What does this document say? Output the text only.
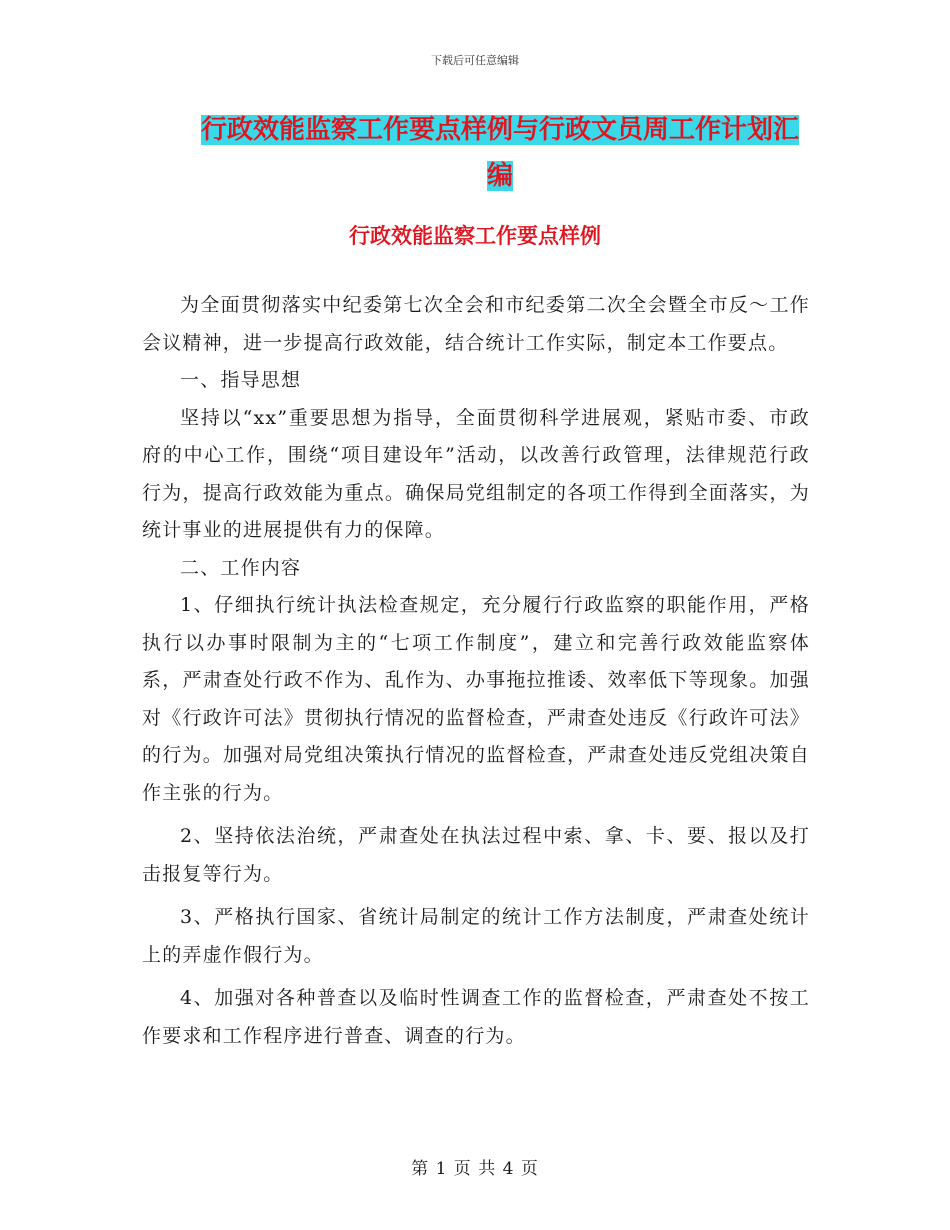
下载后可任意编辑
行政效能监察工作要点样例与行政文员周工作计划汇编
行政效能监察工作要点样例

为全面贯彻落实中纪委第七次全会和市纪委第二次全会暨全市反～工作会议精神，进一步提高行政效能，结合统计工作实际，制定本工作要点。

一、指导思想

坚持以“xx”重要思想为指导，全面贯彻科学进展观，紧贴市委、市政府的中心工作，围绕“项目建设年”活动，以改善行政管理，法律规范行政行为，提高行政效能为重点。确保局党组制定的各项工作得到全面落实，为统计事业的进展提供有力的保障。

二、工作内容

1、仔细执行统计执法检查规定，充分履行行政监察的职能作用，严格执行以办事时限制为主的“七项工作制度”，建立和完善行政效能监察体系，严肃查处行政不作为、乱作为、办事拖拉推诿、效率低下等现象。加强对《行政许可法》贯彻执行情况的监督检查，严肃查处违反《行政许可法》的行为。加强对局党组决策执行情况的监督检查，严肃查处违反党组决策自作主张的行为。

2、坚持依法治统，严肃查处在执法过程中索、拿、卡、要、报以及打击报复等行为。

3、严格执行国家、省统计局制定的统计工作方法制度，严肃查处统计上的弄虚作假行为。

4、加强对各种普查以及临时性调查工作的监督检查，严肃查处不按工作要求和工作程序进行普查、调查的行为。

第 1 页 共 4 页
